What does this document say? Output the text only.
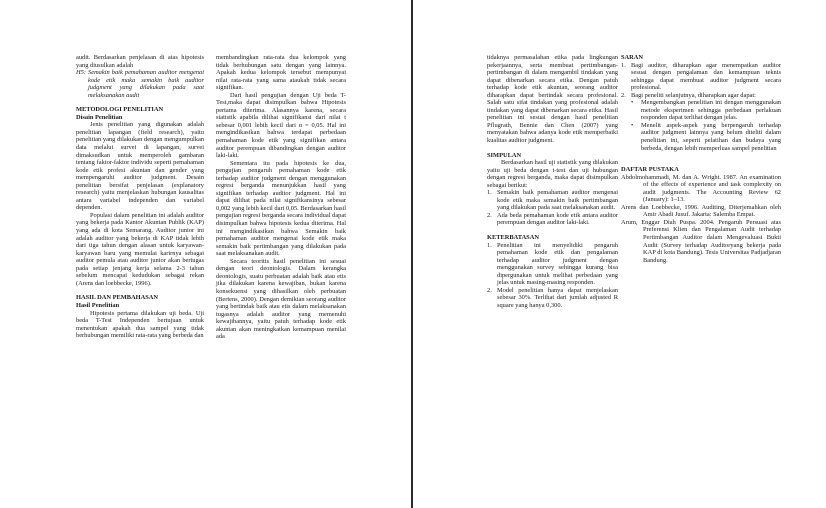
audit. Berdasarkan penjelasan di atas hipotesis yang diusulkan adalah

H5: Semakin baik pemahaman auditor mengenai kode etik maka semakin baik auditor judgment yang dilakukan pada saat melaksanakan audit

METODOLOGI PENELITIAN

Disain Penelitian

Jenis penelitian yang digunakan adalah penelitian lapangan (field research), yaitu penelitian yang dilakukan dengan mengumpulkan data melalui survei di lapangan, survei dimaksudkan untuk memperoleh gambaran tentang faktor-faktor individu seperti pemahaman kode etik profesi akuntan dan gender yang mempengaruhi auditor judgment. Desain penelitian bersifat penjelasan (explanatory research) yaitu menjelaskan hubungan kausalitas antara variabel independen dan variabel dependen.

Populasi dalam penelitian ini adalah auditor yang bekerja pada Kantor Akuntan Publik (KAP) yang ada di kota Semarang. Auditor junior ini adalah auditor yang bekerja di KAP tidak lebih dari tiga tahun dengan alasan untuk karyawan-karyawan baru yang memulai karirnya sebagai auditor pemula atau auditor junior akan bertugas pada setiap jenjang kerja selama 2-3 tahun sebelum mencapai kedudukan sebagai rekan (Arens dan loebbecke, 1996).

HASIL DAN PEMBAHASAN

Hasil Penelitian

Hipotesis pertama dilakukan uji beda. Uji beda T-Test Independen bertujuan untuk menentukan apakah dua sampel yang tidak berhubungan memiliki rata-rata yang berbeda dan

membandingkan rata-rata dua kelompok yang tidak berhubungan satu dengan yang lainnya. Apakah kedua kelompok tersebut mempunyai nilai rata-rata yang sama ataukah tidak secara signifikan.

Dari hasil pengujian dengan Uji beda T-Test,maka dapat disimpulkan bahwa Hipotesis pertama diterima. Alasannya karena, secara statistik apabila dilihat signifikansi dari nilai t sebesar 0,001 lebih kecil dari α = 0,05. Hal ini mengindikasikan bahwa terdapat perbedaan pemahaman kode etik yang signifikan antara auditor perempuan dibandingkan dengan auditor laki-laki.

Sementara itu pada hipotesis ke dua, pengujian pengaruh pemahaman kode etik terhadap auditor judgment dengan menggunakan regresi berganda menunjukkan hasil yang signifikan terhadap auditor judgment. Hal ini dapat dilihat pada nilai signifikansinya sebesar 0,002 yang lebih kecil dari 0,05. Berdasarkan hasil pengujian regresi berganda secara individual dapat disimpulkan bahwa hipotesis kedua diterima. Hal ini mengindikasikan bahwa Semakin baik pemahaman auditor mengenai kode etik maka semakin baik pertimbangan yang dilakukan pada saat melaksanakan audit.

Secara teoritis hasil penelitian ini sesuai dengan teori deontologis. Dalam kerangka deontologis, suatu perbuatan adalah baik atau etis jika dilakukan karena kewajiban, bukan karena konsekuensi yang dihasilkan oleh perbuatan (Bertens, 2000). Dengan demikian seorang auditor yang bertindak baik atau etis dalam melaksanakan tugasnya adalah auditor yang memenuhi kewajibannya, yaitu patuh terhadap kode etik akuntan akan meningkatkan kemampuan menilai ada

tidaknya permasalahan etika pada lingkungan pekerjaannya, serta membuat pertimbangan-pertimbangan di dalam mengambil tindakan yang dapat dibenarkan secara etika. Dengan patuh terhadap kode etik akuntan, seorang auditor diharapkan dapat bertindak secara profesional. Salah satu sifat tindakan yang profesional adalah tindakan yang dapat dibenarkan secara etika. Hasil penelitian ini sesuai dengan hasil penelitian Pflugrath, Bennie dan Chen (2007) yang menyatakan bahwa adanya kode etik memperbaiki kualitas auditor judgment.

SIMPULAN

Berdasarkan hasil uji statistik yang dilakukan yaitu uji beda dengan t-test dan uji hubungan dengan regresi berganda, maka dapat disimpulkan sebagai berikut:

1. Semakin baik pemahaman auditor mengenai kode etik maka semakin baik pertimbangan yang dilakukan pada saat melaksanakan audit.
2. Ada beda pemahaman kode etik antara auditor perempuan dengan auditor laki-laki.

KETERBATASAN

1. Penelitian ini menyelidiki pengaruh pemahaman kode etik dan pengalaman terhadap auditor judgment dengan menggunakan survey sehingga kurang bisa dipergunakan untuk melihat perbedaan yang jelas untuk masing-masing responden.
2. Model penelitian hanya dapat menjelaskan sebesar 30%. Terlihat dari jumlah adjusted R square yang hanya 0,300.

SARAN

1. Bagi auditor, diharapkan agar menempatkan auditor sesuai dengan pengalaman dan kemampuan teknis sehingga dapat membuat auditor judgment secara profesional.
2. Bagi peneliti selanjutnya, diharapkan agar dapat:
•	Mengembangkan penelitian ini dengan menggunakan metode eksperimen sehingga perbedaan perlakuan responden dapat terlihat dengan jelas.
•	Menelit aspek-aspek yang berpengaruh terhadap auditor judgment lainnya yang belum diteliti dalam penelitian ini, seperti pelatihan dan budaya yang berbeda, dengan lebih memperluas sampel penelitian

DAFTAR PUSTAKA

Abdolmohammadi, M. dan A. Wright. 1987. An examination of the effects of experience and task complexity on audit judgments. The Accounting Review 62 (January): 1–13.

Arens dan Loebbecke, 1996. Auditing, Diterjemahkan oleh Amir Abadi Jusuf. Jakarta: Salemba Empat.

Arum, Enggar Diah Puspa. 2004. Pengaruh Persuasi atas Preferensi Klien dan Pengalaman Audit terhadap Pertimbangan Auditor dalam Mengevaluasi Bukti Audit (Survey terhadap Auditoryang bekerja pada KAP di kota Bandung). Tesis Universitas Padjadjaran Bandung.
